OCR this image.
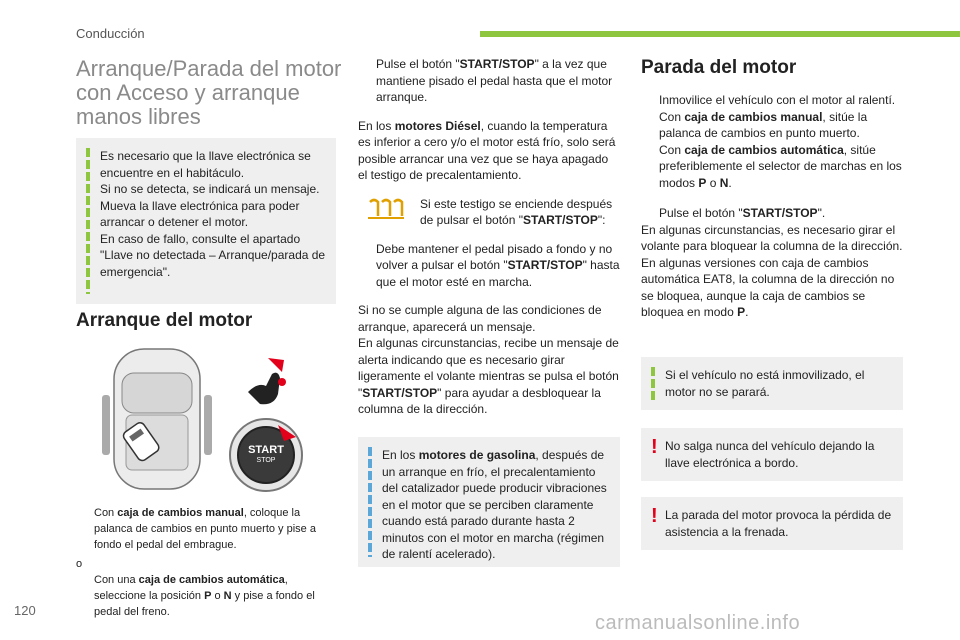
Conducción
Arranque/Parada del motor con Acceso y arranque manos libres
Es necesario que la llave electrónica se encuentre en el habitáculo.
Si no se detecta, se indicará un mensaje.
Mueva la llave electrónica para poder arrancar o detener el motor.
En caso de fallo, consulte el apartado "Llave no detectada – Arranque/parada de emergencia".
Arranque del motor
START
STOP
Con caja de cambios manual, coloque la palanca de cambios en punto muerto y pise a fondo el pedal del embrague.
o
Con una caja de cambios automática, seleccione la posición P o N y pise a fondo el pedal del freno.
Pulse el botón "START/STOP" a la vez que mantiene pisado el pedal hasta que el motor arranque.

En los motores Diésel, cuando la temperatura es inferior a cero y/o el motor está frío, solo será posible arrancar una vez que se haya apagado el testigo de precalentamiento.

Si este testigo se enciende después de pulsar el botón "START/STOP":
Debe mantener el pedal pisado a fondo y no volver a pulsar el botón "START/STOP" hasta que el motor esté en marcha.

Si no se cumple alguna de las condiciones de arranque, aparecerá un mensaje.

En algunas circunstancias, recibe un mensaje de alerta indicando que es necesario girar ligeramente el volante mientras se pulsa el botón "START/STOP" para ayudar a desbloquear la columna de la dirección.

En los motores de gasolina, después de un arranque en frío, el precalentamiento del catalizador puede producir vibraciones en el motor que se perciben claramente cuando está parado durante hasta 2 minutos con el motor en marcha (régimen de ralentí acelerado).
Parada del motor
Inmovilice el vehículo con el motor al ralentí.
Con caja de cambios manual, sitúe la palanca de cambios en punto muerto.
Con caja de cambios automática, sitúe preferiblemente el selector de marchas en los modos P o N.
Pulse el botón "START/STOP".

En algunas circunstancias, es necesario girar el volante para bloquear la columna de la dirección.

En algunas versiones con caja de cambios automática EAT8, la columna de la dirección no se bloquea, aunque la caja de cambios se bloquea en modo P.

Si el vehículo no está inmovilizado, el motor no se parará.
! No salga nunca del vehículo dejando la llave electrónica a bordo.
! La parada del motor provoca la pérdida de asistencia a la frenada.
120
carmanualsonline.info
